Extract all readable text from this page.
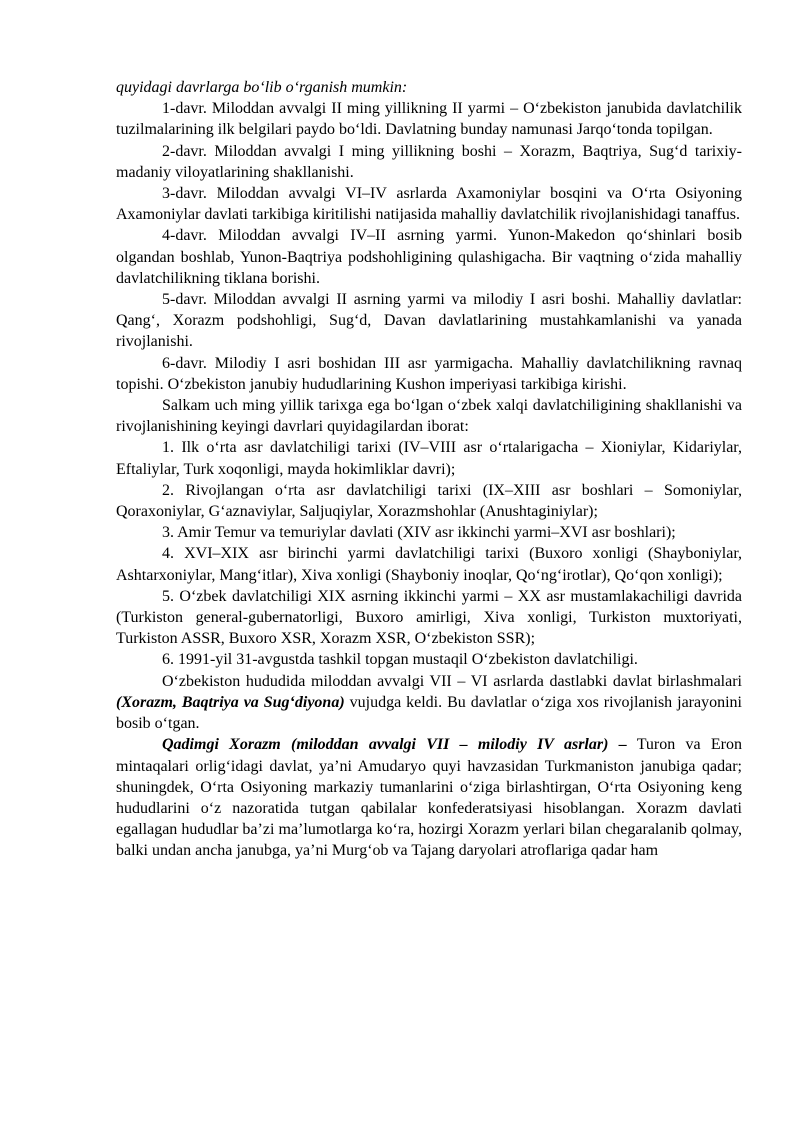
quyidagi davrlarga bo‘lib o‘rganish mumkin:

1-davr. Miloddan avvalgi II ming yillikning II yarmi – O‘zbekiston janubida davlatchilik tuzilmalarining ilk belgilari paydo bo‘ldi. Davlatning bunday namunasi Jarqo‘tonda topilgan.

2-davr. Miloddan avvalgi I ming yillikning boshi – Xorazm, Baqtriya, Sug‘d tarixiy-madaniy viloyatlarining shakllanishi.

3-davr. Miloddan avvalgi VI–IV asrlarda Axamoniylar bosqini va O‘rta Osiyoning Axamoniylar davlati tarkibiga kiritilishi natijasida mahalliy davlatchilik rivojlanishidagi tanaffus.

4-davr. Miloddan avvalgi IV–II asrning yarmi. Yunon-Makedon qo‘shinlari bosib olgandan boshlab, Yunon-Baqtriya podshohligining qulashigacha. Bir vaqtning o‘zida mahalliy davlatchilikning tiklana borishi.

5-davr. Miloddan avvalgi II asrning yarmi va milodiy I asri boshi. Mahalliy davlatlar: Qang‘, Xorazm podshohligi, Sug‘d, Davan davlatlarining mustahkamlanishi va yanada rivojlanishi.

6-davr. Milodiy I asri boshidan III asr yarmigacha. Mahalliy davlatchilikning ravnaq topishi. O‘zbekiston janubiy hududlarining Kushon imperiyasi tarkibiga kirishi.

Salkam uch ming yillik tarixga ega bo‘lgan o‘zbek xalqi davlatchiligining shakllanishi va rivojlanishining keyingi davrlari quyidagilardan iborat:

1. Ilk o‘rta asr davlatchiligi tarixi (IV–VIII asr o‘rtalarigacha – Xioniylar, Kidariylar, Eftaliylar, Turk xoqonligi, mayda hokimliklar davri);

2. Rivojlangan o‘rta asr davlatchiligi tarixi (IX–XIII asr boshlari – Somoniylar, Qoraxoniylar, G‘aznaviylar, Saljuqiylar, Xorazmshohlar (Anushtaginiylar);

3. Amir Temur va temuriylar davlati (XIV asr ikkinchi yarmi–XVI asr boshlari);

4. XVI–XIX asr birinchi yarmi davlatchiligi tarixi (Buxoro xonligi (Shayboniylar, Ashtarxoniylar, Mang‘itlar), Xiva xonligi (Shayboniy inoqlar, Qo‘ng‘irotlar), Qo‘qon xonligi);

5. O‘zbek davlatchiligi XIX asrning ikkinchi yarmi – XX asr mustamlakachiligi davrida (Turkiston general-gubernatorligi, Buxoro amirligi, Xiva xonligi, Turkiston muxtoriyati, Turkiston ASSR, Buxoro XSR, Xorazm XSR, O‘zbekiston SSR);

6. 1991-yil 31-avgustda tashkil topgan mustaqil O‘zbekiston davlatchiligi.

O‘zbekiston hududida miloddan avvalgi VII – VI asrlarda dastlabki davlat birlashmalari (Xorazm, Baqtriya va Sug‘diyona) vujudga keldi. Bu davlatlar o‘ziga xos rivojlanish jarayonini bosib o‘tgan.

Qadimgi Xorazm (miloddan avvalgi VII – milodiy IV asrlar) – Turon va Eron mintaqalari orlig‘idagi davlat, ya’ni Amudaryo quyi havzasidan Turkmaniston janubiga qadar; shuningdek, O‘rta Osiyoning markaziy tumanlarini o‘ziga birlashtirgan, O‘rta Osiyoning keng hududlarini o‘z nazoratida tutgan qabilalar konfederatsiyasi hisoblangan. Xorazm davlati egallagan hududlar ba’zi ma’lumotlarga ko‘ra, hozirgi Xorazm yerlari bilan chegaralanib qolmay, balki undan ancha janubga, ya’ni Murg‘ob va Tajang daryolari atroflariga qadar ham
